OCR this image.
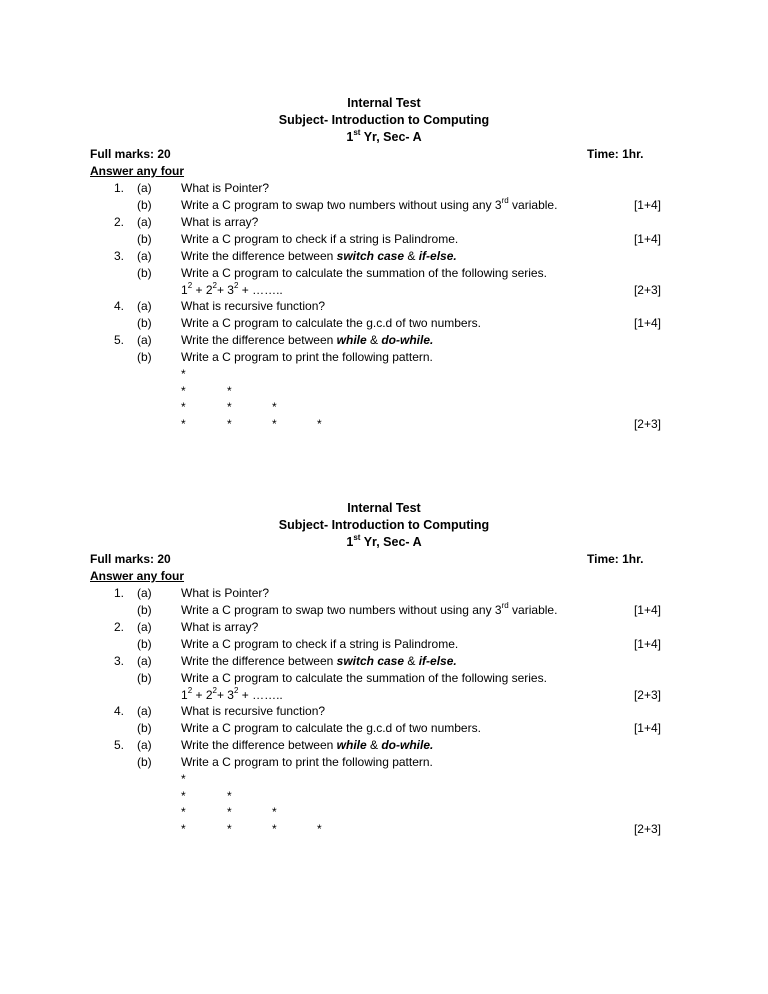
Internal Test
Subject- Introduction to Computing
1st Yr, Sec- A
Full marks: 20	Time: 1hr.
Answer any four
1. (a) What is Pointer?
(b) Write a C program to swap two numbers without using any 3rd variable.	[1+4]
2. (a) What is array?
(b) Write a C program to check if a string is Palindrome.	[1+4]
3. (a) Write the difference between switch case & if-else.
(b) Write a C program to calculate the summation of the following series.
$1^2 + 2^2+ 3^2$ + ……..	[2+3]
4. (a) What is recursive function?
(b) Write a C program to calculate the g.c.d of two numbers.	[1+4]
5. (a) Write the difference between while & do-while.
(b) Write a C program to print the following pattern.
*
*	*
*	*	*
*	*	*	*	[2+3]
Internal Test
Subject- Introduction to Computing
1st Yr, Sec- A
Full marks: 20	Time: 1hr.
Answer any four
1. (a) What is Pointer?
(b) Write a C program to swap two numbers without using any 3rd variable.	[1+4]
2. (a) What is array?
(b) Write a C program to check if a string is Palindrome.	[1+4]
3. (a) Write the difference between switch case & if-else.
(b) Write a C program to calculate the summation of the following series.
$1^2 + 2^2+ 3^2$ + ……..	[2+3]
4. (a) What is recursive function?
(b) Write a C program to calculate the g.c.d of two numbers.	[1+4]
5. (a) Write the difference between while & do-while.
(b) Write a C program to print the following pattern.
*
*	*
*	*	*
*	*	*	*	[2+3]
